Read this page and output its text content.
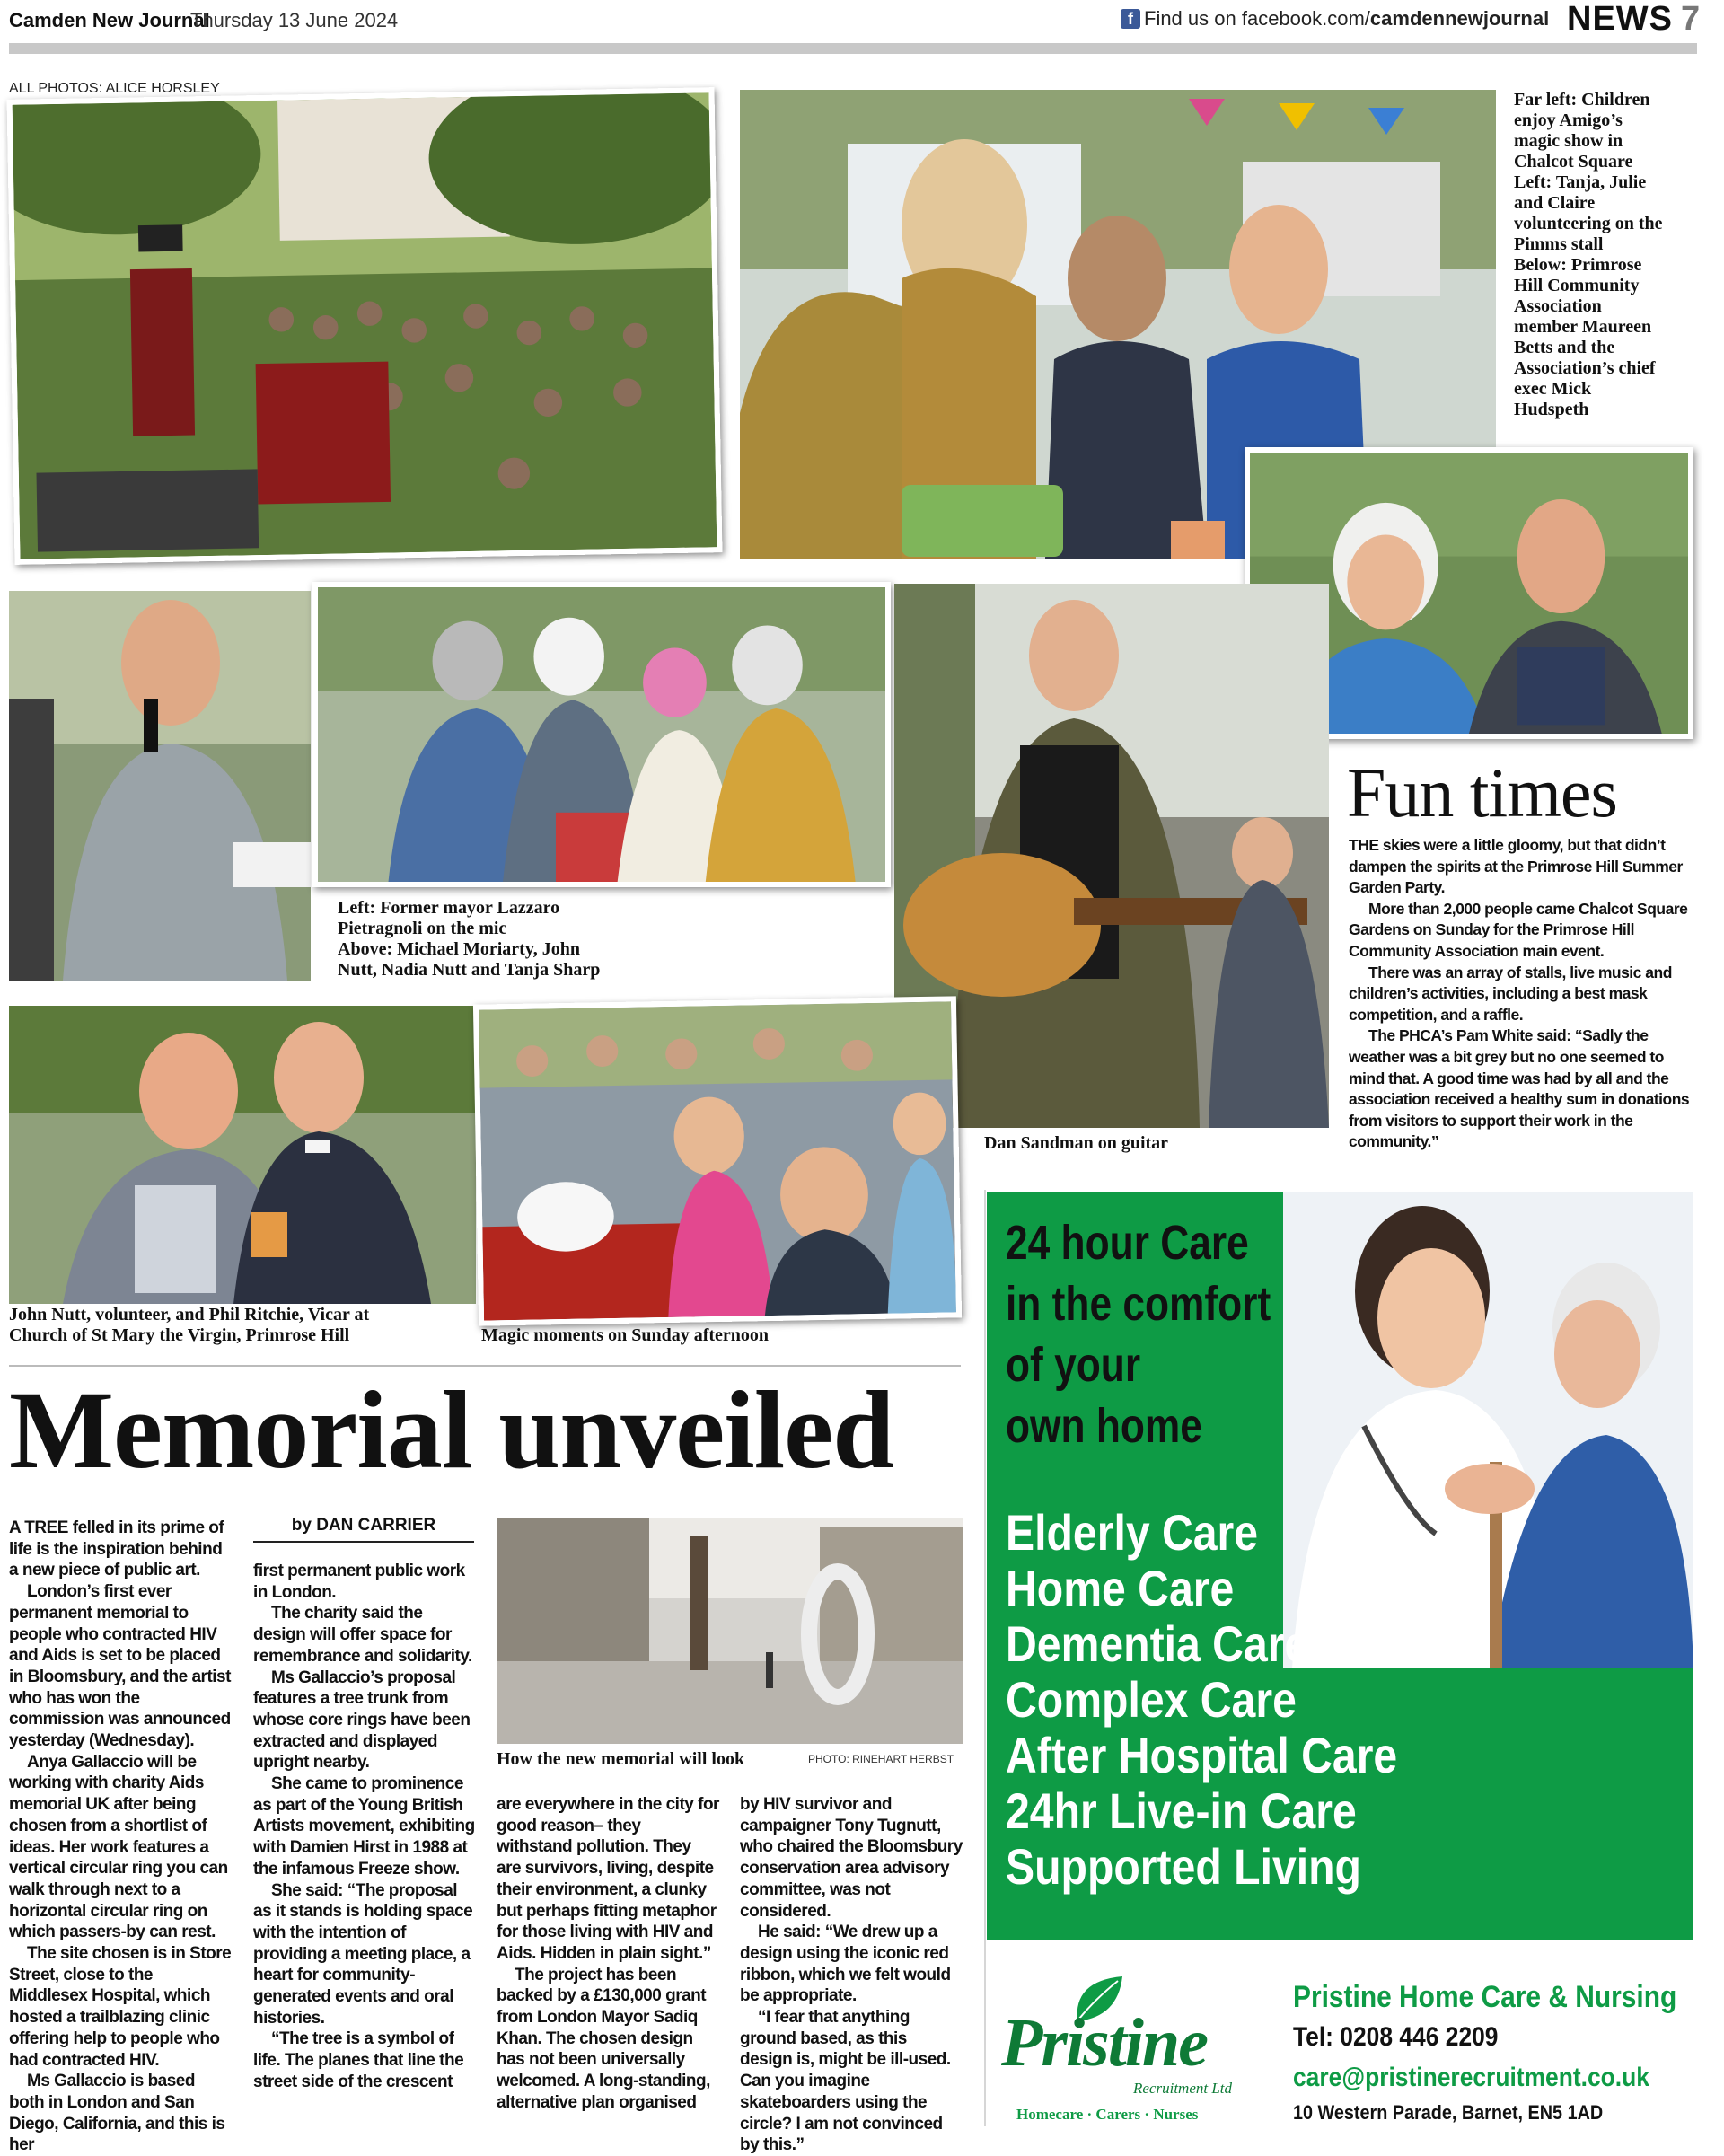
Camden New Journal
Thursday 13 June 2024	f Find us on facebook.com/ camdennewjournal NEWS 7
ALL PHOTOS: ALICE HORSLEY
Far left: Children
enjoy Amigo’s
magic show in
Chalcot Square
Left: Tanja, Julie
and Claire
volunteering on the
Pimms stall
Below: Primrose
Hill Community
Association
member Maureen
Betts and the
Association’s chief
exec Mick
Hudspeth
Left: Former mayor Lazzaro
Pietragnoli on the mic
Above: Michael Moriarty, John
Nutt, Nadia Nutt and Tanja Sharp
Dan Sandman on guitar
Fun times

THE skies were a little gloomy, but that didn’t dampen the spirits at the Primrose Hill Summer Garden Party.

More than 2,000 people came Chalcot Square Gardens on Sunday for the Primrose Hill Community Association main event.

There was an array of stalls, live music and children’s activities, including a best mask competition, and a raffle.

The PHCA’s Pam White said: “Sadly the weather was a bit grey but no one seemed to mind that. A good time was had by all and the association received a healthy sum in donations from visitors to support their work in the community.”

John Nutt, volunteer, and Phil Ritchie, Vicar at
Church of St Mary the Virgin, Primrose Hill	Magic moments on Sunday afternoon
Memorial unveiled

A TREE felled in its prime of life is the inspiration behind a new piece of public art.

London’s first ever permanent memorial to people who contracted HIV and Aids is set to be placed in Bloomsbury, and the artist who has won the commission was announced yesterday (Wednesday).

Anya Gallaccio will be working with charity Aids memorial UK after being chosen from a shortlist of ideas. Her work features a vertical circular ring you can walk through next to a horizontal circular ring on which passers-by can rest.

The site chosen is in Store Street, close to the Middlesex Hospital, which hosted a trailblazing clinic offering help to people who had contracted HIV.

Ms Gallaccio is based both in London and San Diego, California, and this is her

by DAN CARRIER

first permanent public work in London.

The charity said the design will offer space for remembrance and solidarity.

Ms Gallaccio’s proposal features a tree trunk from whose core rings have been extracted and displayed upright nearby.

She came to prominence as part of the Young British Artists movement, exhibiting with Damien Hirst in 1988 at the infamous Freeze show.

She said: “The proposal as it stands is holding space with the intention of providing a meeting place, a heart for community-generated events and oral histories.

“The tree is a symbol of life. The planes that line the street side of the crescent

How the new memorial will look	PHOTO: RINEHART HERBST

are everywhere in the city for good reason– they withstand pollution. They are survivors, living, despite their environment, a clunky but perhaps fitting metaphor for those living with HIV and Aids. Hidden in plain sight.”

The project has been backed by a £130,000 grant from London Mayor Sadiq Khan. The chosen design has not been universally welcomed. A long-standing, alternative plan organised

by HIV survivor and campaigner Tony Tugnutt, who chaired the Bloomsbury conservation area advisory committee, was not considered.

He said: “We drew up a design using the iconic red ribbon, which we felt would be appropriate.

“I fear that anything ground based, as this design is, might be ill-used. Can you imagine skateboarders using the circle? I am not convinced by this.”

24 hour Care
in the comfort
of your
own home
Elderly Care
Home Care
Dementia Care
Complex Care
After Hospital Care
24hr Live-in Care
Supported Living
Pristine
Recruitment Ltd
Homecare · Carers · Nurses
Pristine Home Care & Nursing
Tel: 0208 446 2209
care@pristinerecruitment.co.uk
10 Western Parade, Barnet, EN5 1AD
